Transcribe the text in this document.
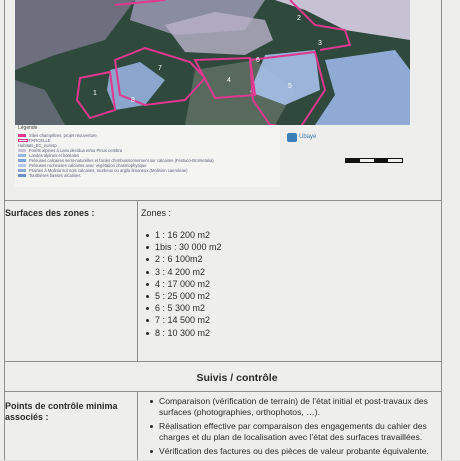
2
3
6
4
7
5
8
1
Légende
Sites champêtres, projet réouverture
PARCELLE
Habitats_EC_eurosp
Forêts alpines à Larix decidua et/ou Pinus cembra
Landes alpines et boréales
Pelouses calcaires semi-naturelles et faciès d'embuissonnement sur calcaires (Festuco-Brometalia)
Pelouses rocheuses calcaires avec végétation chasmophytique
Prairies à Molinia sur sols calcaires, tourbeux ou argilo-limoneux (Molinion caeruleae)
Tourbières basses alcalines
Ubaye
Surfaces des zones :	Zones :
1 : 16 200 m2
1bis : 30 000 m2
2 : 6 100m2
3 : 4 200 m2
4 : 17 000 m2
5 : 25 000 m2
6 : 5 300 m2
7 : 14 500 m2
8 : 10 300 m2
Suivis / contrôle
Points de contrôle minima associés :
Comparaison (vérification de terrain) de l’état initial et post-travaux des surfaces (photographies, orthophotos, …).
Réalisation effective par comparaison des engagements du cahier des charges et du plan de localisation avec l’état des surfaces travaillées.
Vérification des factures ou des pièces de valeur probante équivalente.
